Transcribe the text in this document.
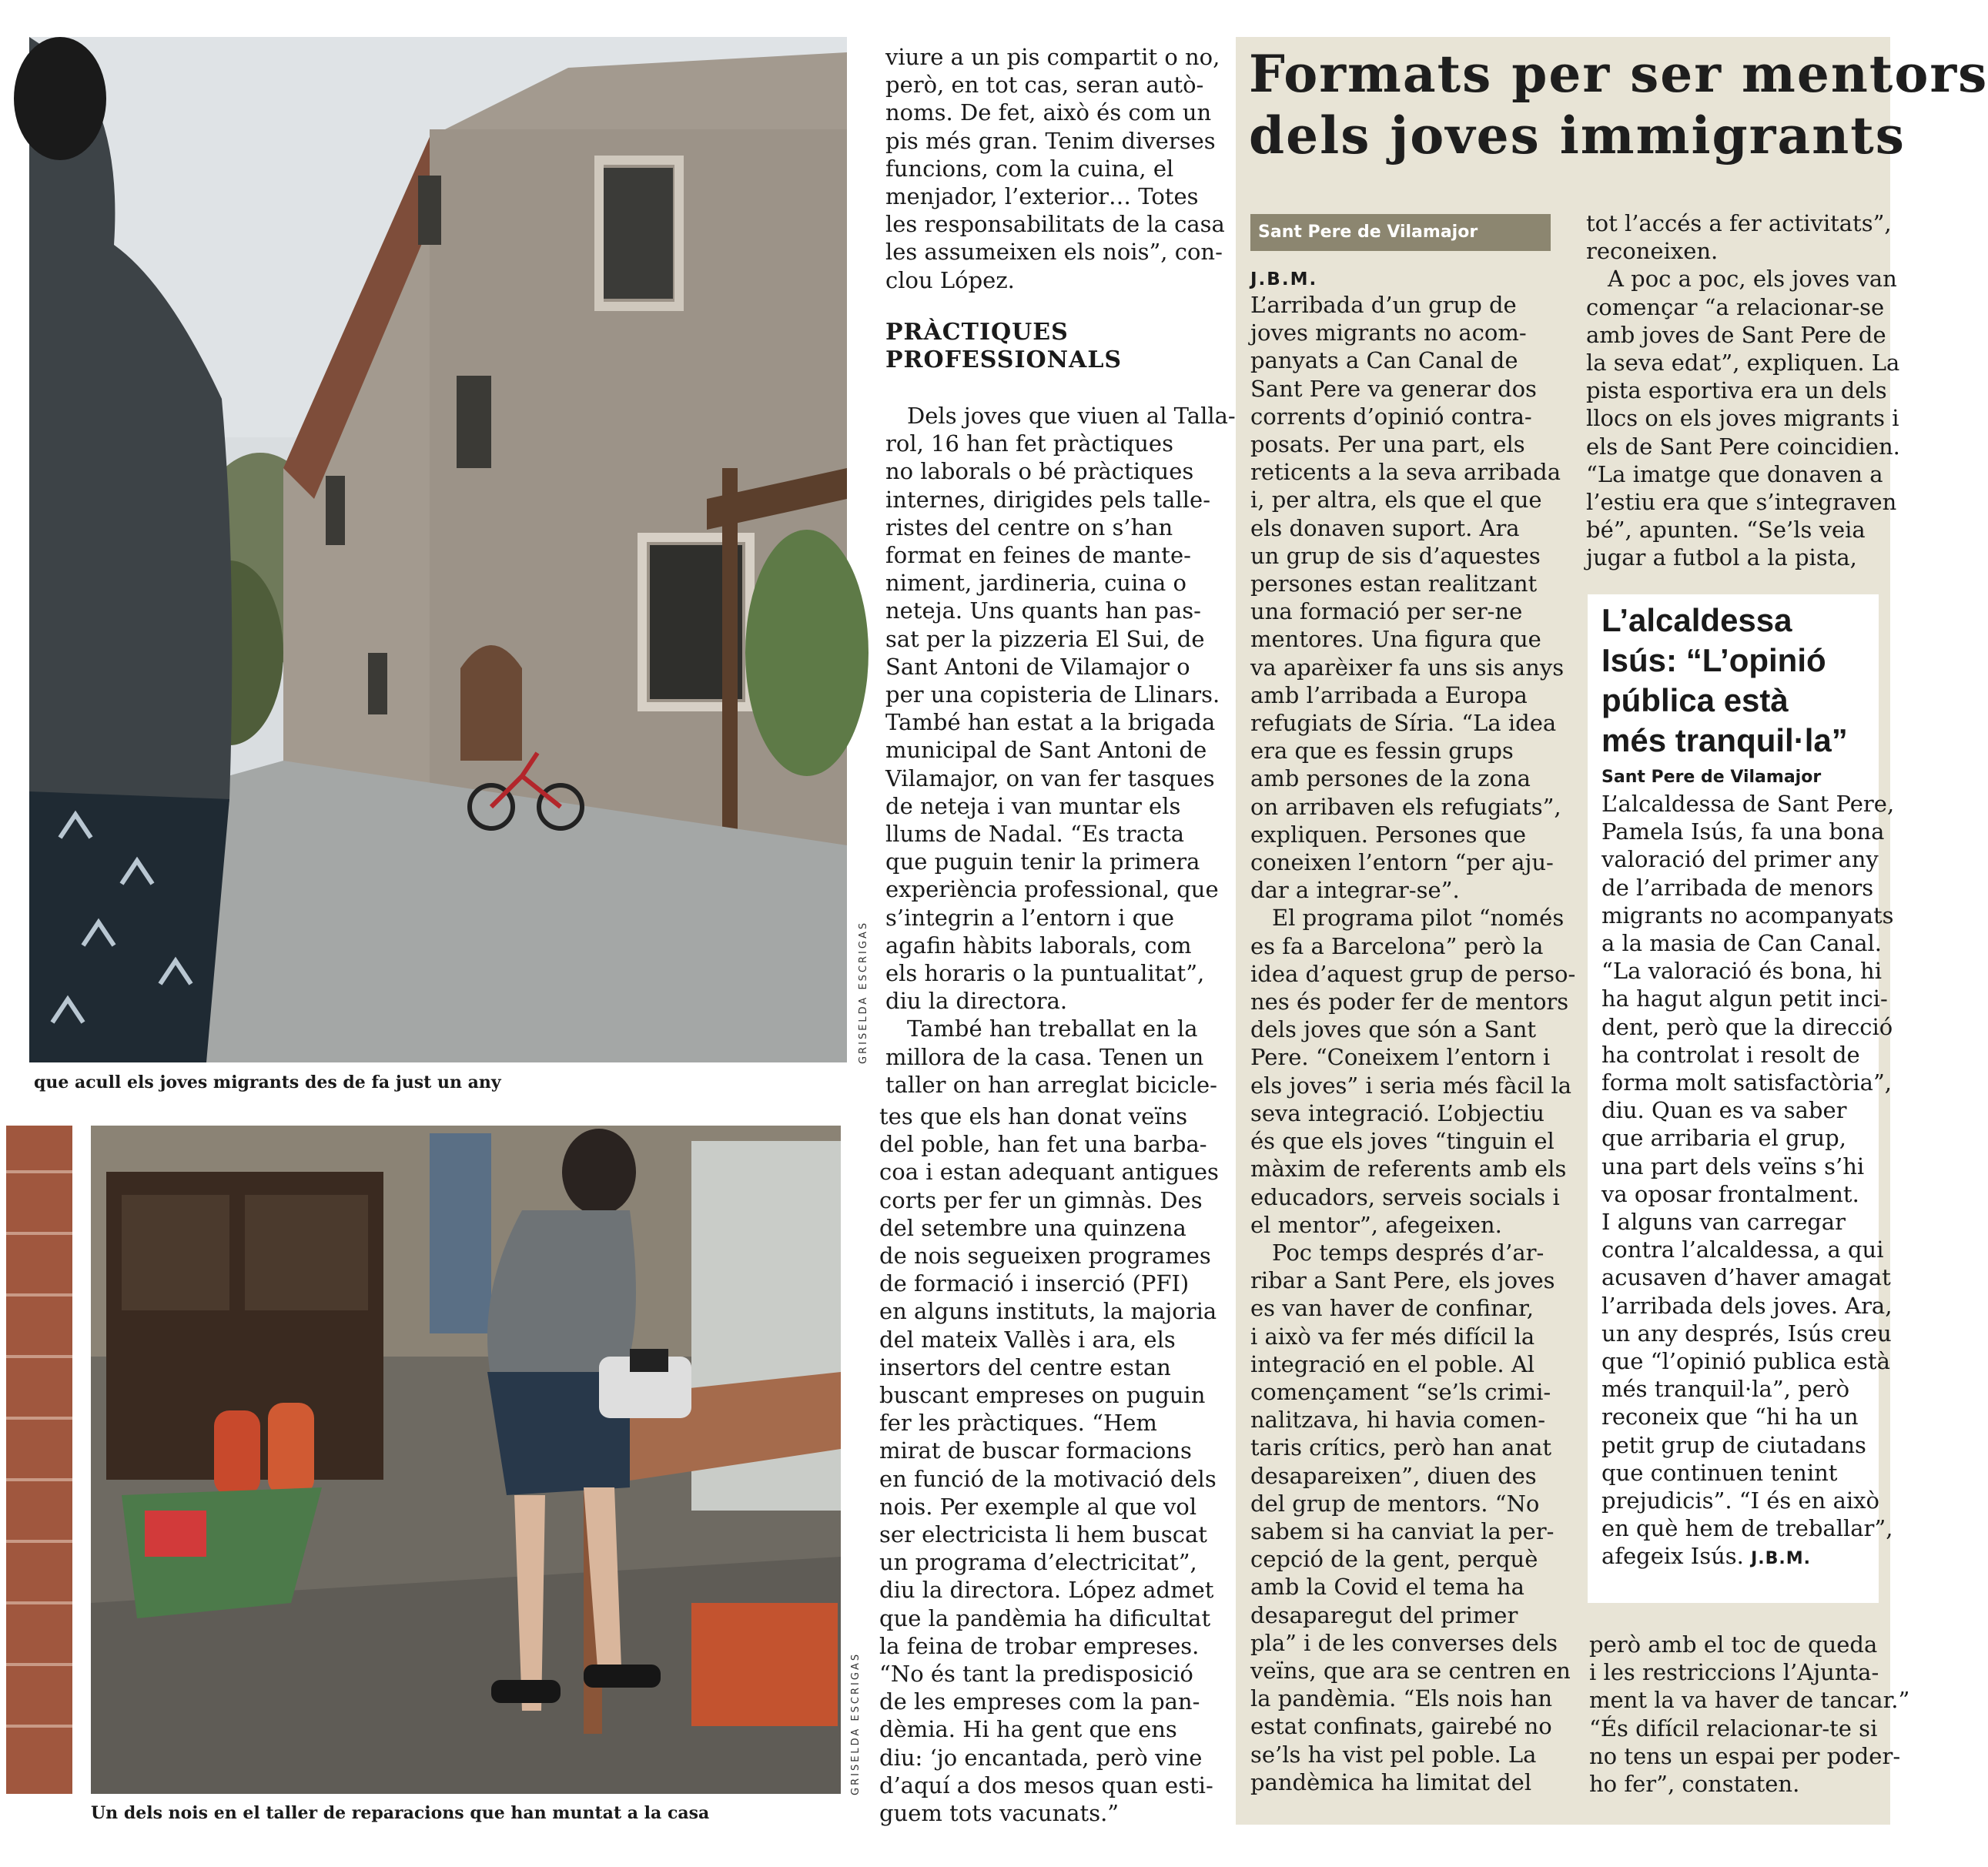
que acull els joves migrants des de fa just un any
GRISELDA ESCRIGAS
Un dels nois en el taller de reparacions que han muntat a la casa
GRISELDA ESCRIGAS
viure a un pis compartit o no,
però, en tot cas, seran autò-
noms. De fet, això és com un
pis més gran. Tenim diverses
funcions, com la cuina, el
menjador, l’exterior… Totes
les responsabilitats de la casa
les assumeixen els nois”, con-
clou López.
PRÀCTIQUES
PROFESSIONALS
Dels joves que viuen al Talla-
rol, 16 han fet pràctiques
no laborals o bé pràctiques
internes, dirigides pels talle-
ristes del centre on s’han
format en feines de mante-
niment, jardineria, cuina o
neteja. Uns quants han pas-
sat per la pizzeria El Sui, de
Sant Antoni de Vilamajor o
per una copisteria de Llinars.
També han estat a la brigada
municipal de Sant Antoni de
Vilamajor, on van fer tasques
de neteja i van muntar els
llums de Nadal. “Es tracta
que puguin tenir la primera
experiència professional, que
s’integrin a l’entorn i que
agafin hàbits laborals, com
els horaris o la puntualitat”,
diu la directora.
També han treballat en la
millora de la casa. Tenen un
taller on han arreglat bicicle-
tes que els han donat veïns
del poble, han fet una barba-
coa i estan adequant antigues
corts per fer un gimnàs. Des
del setembre una quinzena
de nois segueixen programes
de formació i inserció (PFI)
en alguns instituts, la majoria
del mateix Vallès i ara, els
insertors del centre estan
buscant empreses on puguin
fer les pràctiques. “Hem
mirat de buscar formacions
en funció de la motivació dels
nois. Per exemple al que vol
ser electricista li hem buscat
un programa d’electricitat”,
diu la directora. López admet
que la pandèmia ha dificultat
la feina de trobar empreses.
“No és tant la predisposició
de les empreses com la pan-
dèmia. Hi ha gent que ens
diu: ‘jo encantada, però vine
d’aquí a dos mesos quan esti-
guem tots vacunats.”
Formats per ser mentors
dels joves immigrants
Sant Pere de Vilamajor
J.B.M.
L’arribada d’un grup de
joves migrants no acom-
panyats a Can Canal de
Sant Pere va generar dos
corrents d’opinió contra-
posats. Per una part, els
reticents a la seva arribada
i, per altra, els que el que
els donaven suport. Ara
un grup de sis d’aquestes
persones estan realitzant
una formació per ser-ne
mentores. Una figura que
va aparèixer fa uns sis anys
amb l’arribada a Europa
refugiats de Síria. “La idea
era que es fessin grups
amb persones de la zona
on arribaven els refugiats”,
expliquen. Persones que
coneixen l’entorn “per aju-
dar a integrar-se”.
El programa pilot “només
es fa a Barcelona” però la
idea d’aquest grup de perso-
nes és poder fer de mentors
dels joves que són a Sant
Pere. “Coneixem l’entorn i
els joves” i seria més fàcil la
seva integració. L’objectiu
és que els joves “tinguin el
màxim de referents amb els
educadors, serveis socials i
el mentor”, afegeixen.
Poc temps després d’ar-
ribar a Sant Pere, els joves
es van haver de confinar,
i això va fer més difícil la
integració en el poble. Al
començament “se’ls crimi-
nalitzava, hi havia comen-
taris crítics, però han anat
desapareixen”, diuen des
del grup de mentors. “No
sabem si ha canviat la per-
cepció de la gent, perquè
amb la Covid el tema ha
desaparegut del primer
pla” i de les converses dels
veïns, que ara se centren en
la pandèmia. “Els nois han
estat confinats, gairebé no
se’ls ha vist pel poble. La
pandèmica ha limitat del
tot l’accés a fer activitats”,
reconeixen.
A poc a poc, els joves van
començar “a relacionar-se
amb joves de Sant Pere de
la seva edat”, expliquen. La
pista esportiva era un dels
llocs on els joves migrants i
els de Sant Pere coincidien.
“La imatge que donaven a
l’estiu era que s’integraven
bé”, apunten. “Se’ls veia
jugar a futbol a la pista,
L’alcaldessa
Isús: “L’opinió
pública està
més tranquil·la”
Sant Pere de Vilamajor
L’alcaldessa de Sant Pere,
Pamela Isús, fa una bona
valoració del primer any
de l’arribada de menors
migrants no acompanyats
a la masia de Can Canal.
“La valoració és bona, hi
ha hagut algun petit inci-
dent, però que la direcció
ha controlat i resolt de
forma molt satisfactòria”,
diu. Quan es va saber
que arribaria el grup,
una part dels veïns s’hi
va oposar frontalment.
I alguns van carregar
contra l’alcaldessa, a qui
acusaven d’haver amagat
l’arribada dels joves. Ara,
un any després, Isús creu
que “l’opinió publica està
més tranquil·la”, però
reconeix que “hi ha un
petit grup de ciutadans
que continuen tenint
prejudicis”. “I és en això
en què hem de treballar”,
afegeix Isús. J.B.M.
però amb el toc de queda
i les restriccions l’Ajunta-
ment la va haver de tancar.”
“És difícil relacionar-te si
no tens un espai per poder-
ho fer”, constaten.
